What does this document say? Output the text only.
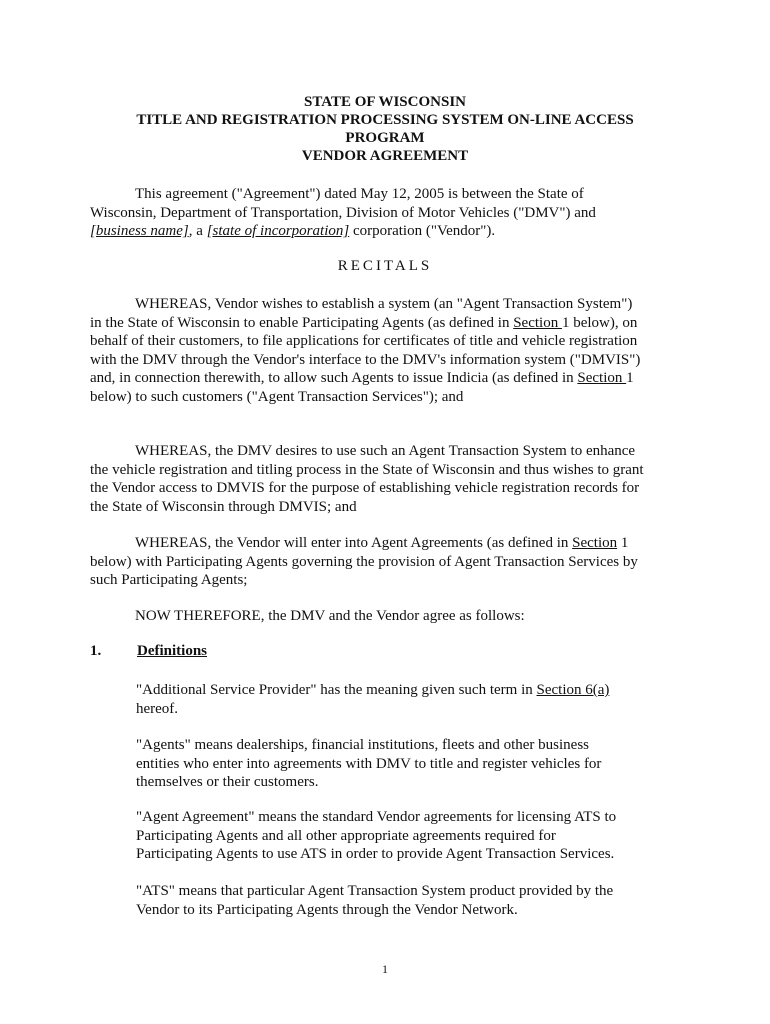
STATE OF WISCONSIN
TITLE AND REGISTRATION PROCESSING SYSTEM ON-LINE ACCESS
PROGRAM
VENDOR AGREEMENT

This agreement ("Agreement") dated May 12, 2005 is between the State of Wisconsin, Department of Transportation, Division of Motor Vehicles ("DMV") and [business name], a [state of incorporation] corporation ("Vendor").

RECITALS

WHEREAS, Vendor wishes to establish a system (an "Agent Transaction System") in the State of Wisconsin to enable Participating Agents (as defined in Section 1 below), on behalf of their customers, to file applications for certificates of title and vehicle registration with the DMV through the Vendor's interface to the DMV's information system ("DMVIS") and, in connection therewith, to allow such Agents to issue Indicia (as defined in Section 1 below) to such customers ("Agent Transaction Services"); and

WHEREAS, the DMV desires to use such an Agent Transaction System to enhance the vehicle registration and titling process in the State of Wisconsin and thus wishes to grant the Vendor access to DMVIS for the purpose of establishing vehicle registration records for the State of Wisconsin through DMVIS; and

WHEREAS, the Vendor will enter into Agent Agreements (as defined in Section 1 below) with Participating Agents governing the provision of Agent Transaction Services by such Participating Agents;

NOW THEREFORE, the DMV and the Vendor agree as follows:

1. Definitions

"Additional Service Provider" has the meaning given such term in Section 6(a) hereof.

"Agents" means dealerships, financial institutions, fleets and other business entities who enter into agreements with DMV to title and register vehicles for themselves or their customers.

"Agent Agreement" means the standard Vendor agreements for licensing ATS to Participating Agents and all other appropriate agreements required for Participating Agents to use ATS in order to provide Agent Transaction Services.

"ATS" means that particular Agent Transaction System product provided by the Vendor to its Participating Agents through the Vendor Network.

1
